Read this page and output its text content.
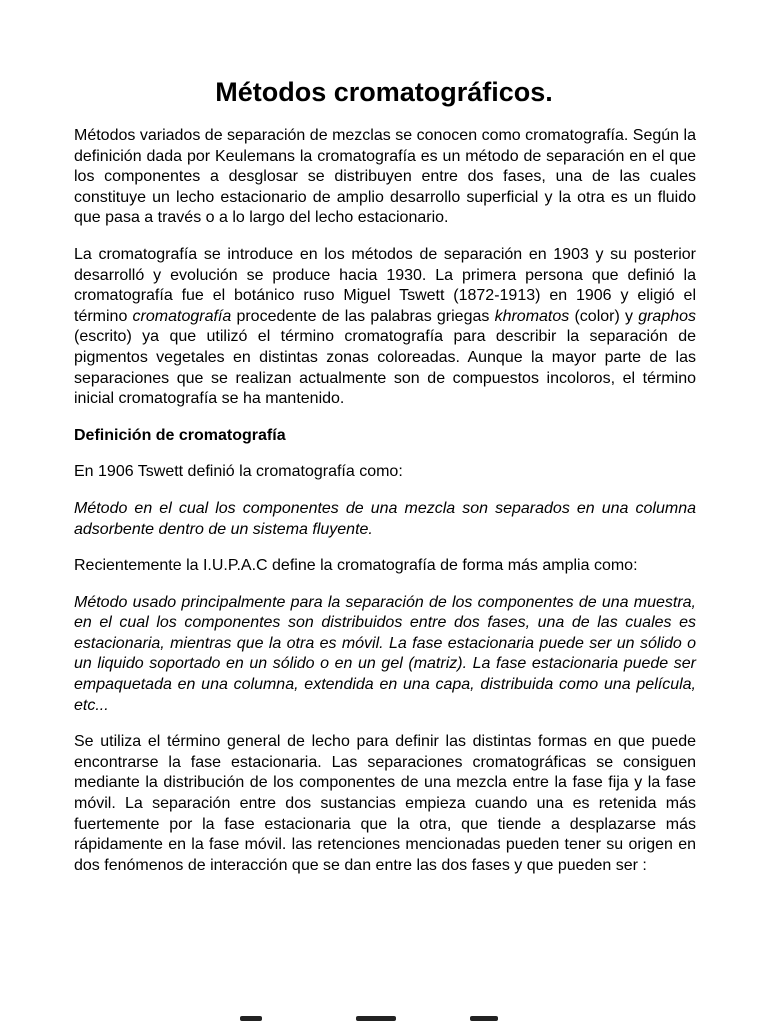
Métodos cromatográficos.

Métodos variados de separación de mezclas se conocen como cromatografía. Según la definición dada por Keulemans la cromatografía es un método de separación en el que los componentes a desglosar se distribuyen entre dos fases, una de las cuales constituye un lecho estacionario de amplio desarrollo superficial y la otra es un fluido que pasa a través o a lo largo del lecho estacionario.

La cromatografía se introduce en los métodos de separación en 1903 y su posterior desarrolló y evolución se produce hacia 1930. La primera persona que definió la cromatografía fue el botánico ruso Miguel Tswett (1872-1913) en 1906 y eligió el término cromatografía procedente de las palabras griegas khromatos (color) y graphos (escrito) ya que utilizó el término cromatografía para describir la separación de pigmentos vegetales en distintas zonas coloreadas. Aunque la mayor parte de las separaciones que se realizan actualmente son de compuestos incoloros, el término inicial cromatografía se ha mantenido.

Definición de cromatografía

En 1906 Tswett definió la cromatografía como:

Método en el cual los componentes de una mezcla son separados en una columna adsorbente dentro de un sistema fluyente.

Recientemente la I.U.P.A.C define la cromatografía de forma más amplia como:

Método usado principalmente para la separación de los componentes de una muestra, en el cual los componentes son distribuidos entre dos fases, una de las cuales es estacionaria, mientras que la otra es móvil. La fase estacionaria puede ser un sólido o un liquido soportado en un sólido o en un gel (matriz). La fase estacionaria puede ser empaquetada en una columna, extendida en una capa, distribuida como una película, etc...

Se utiliza el término general de lecho para definir las distintas formas en que puede encontrarse la fase estacionaria. Las separaciones cromatográficas se consiguen mediante la distribución de los componentes de una mezcla entre la fase fija y la fase móvil. La separación entre dos sustancias empieza cuando una es retenida más fuertemente por la fase estacionaria que la otra, que tiende a desplazarse más rápidamente en la fase móvil. las retenciones mencionadas pueden tener su origen en dos fenómenos de interacción que se dan entre las dos fases y que pueden ser :
